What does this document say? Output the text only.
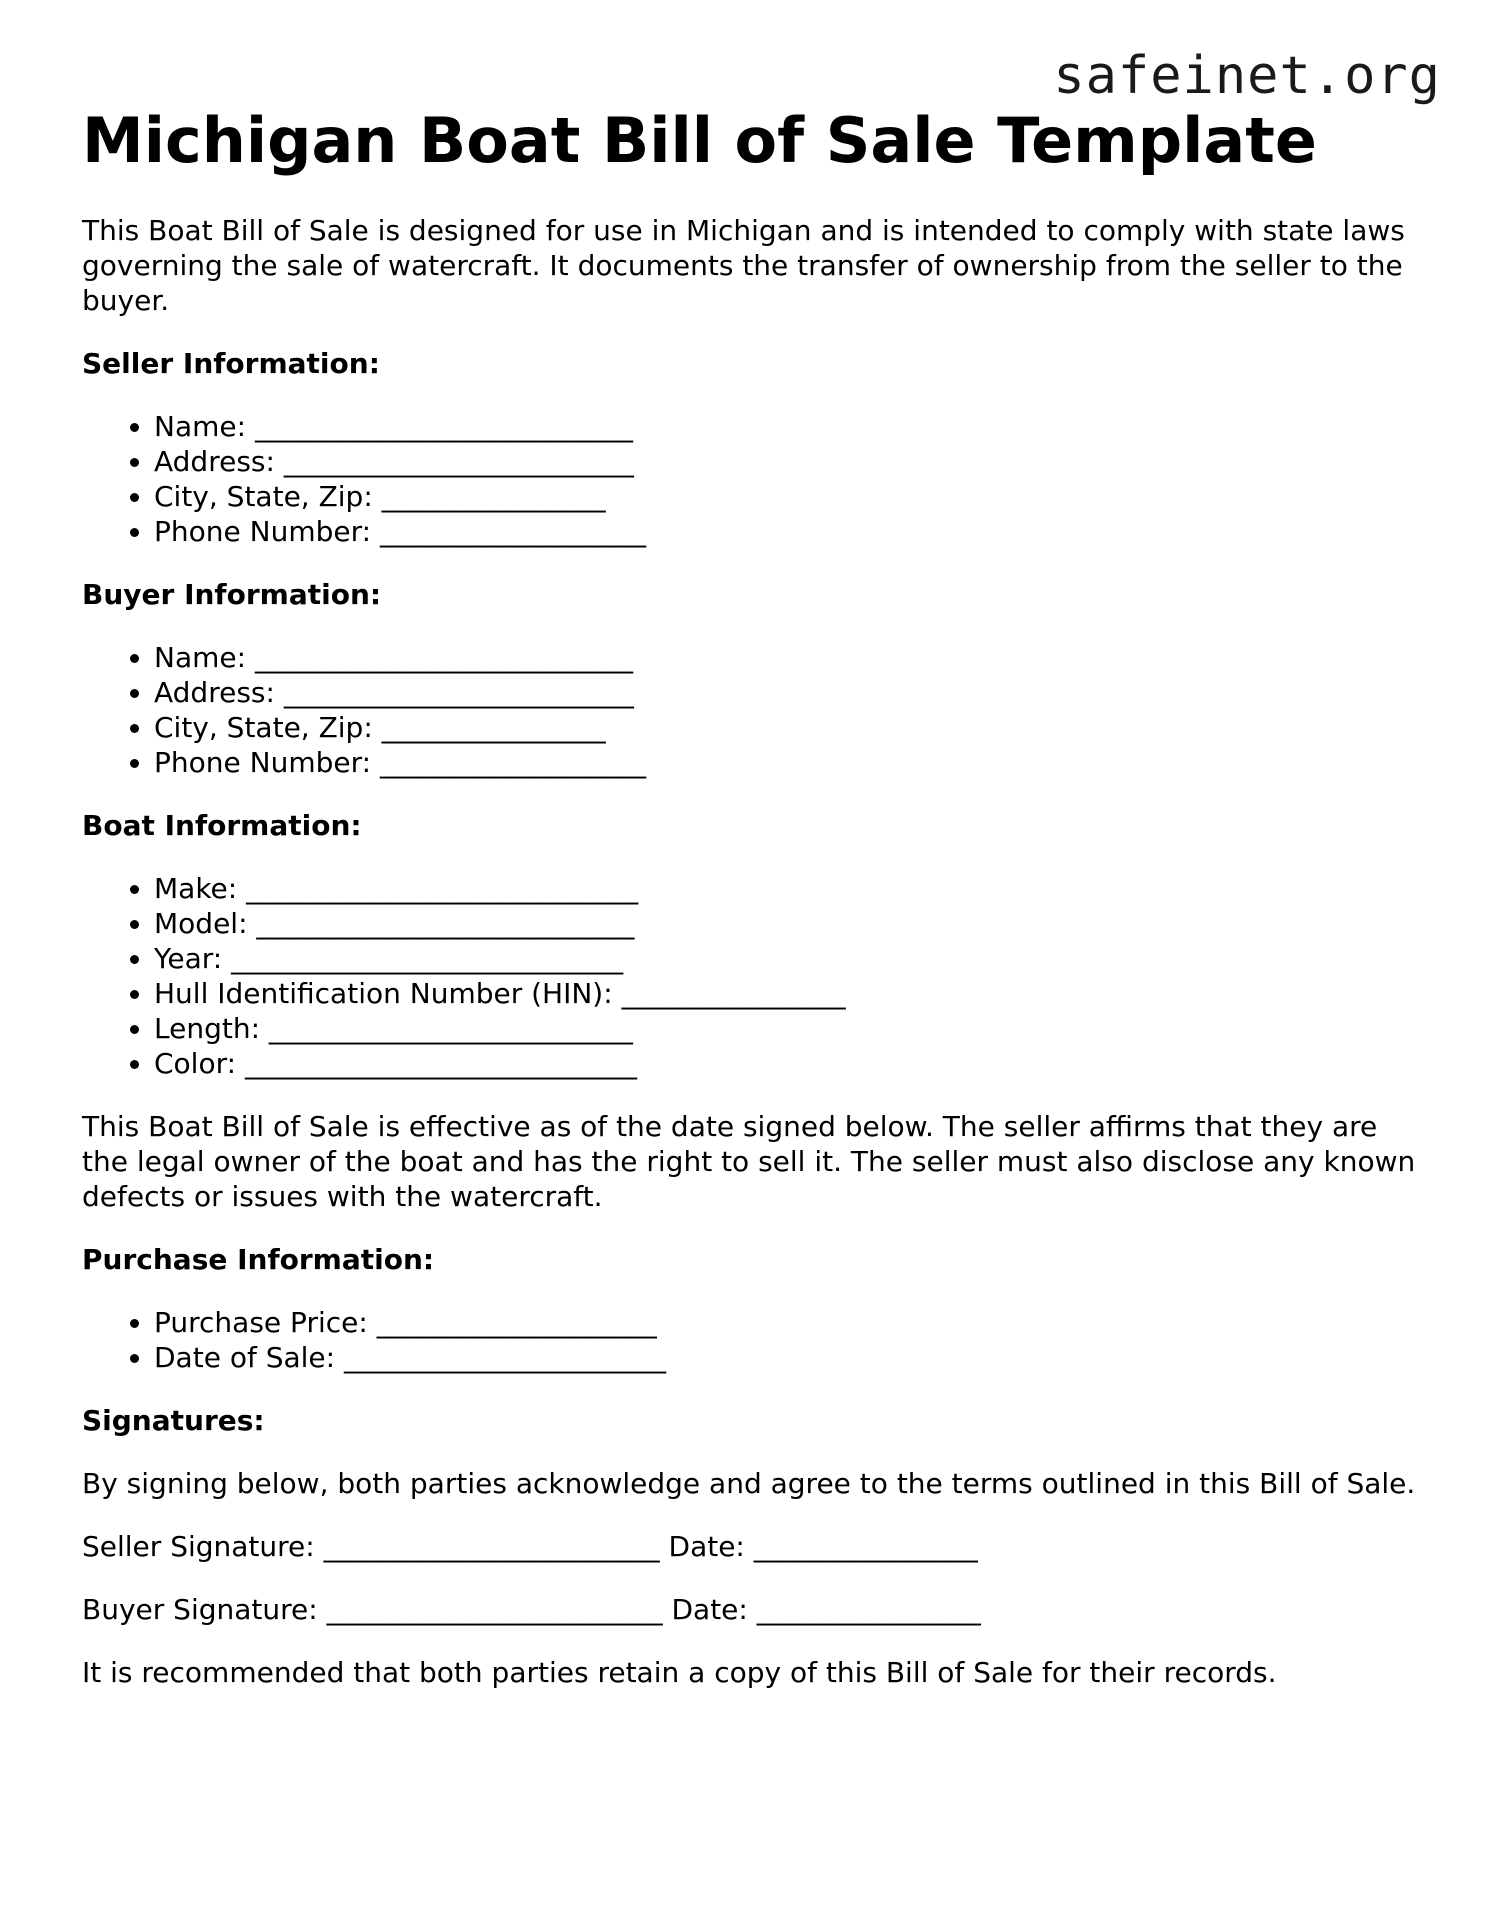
safeinet.org
Michigan Boat Bill of Sale Template

This Boat Bill of Sale is designed for use in Michigan and is intended to comply with state laws governing the sale of watercraft. It documents the transfer of ownership from the seller to the buyer.

Seller Information:
• Name: ___________________________
• Address: _________________________
• City, State, Zip: ________________
• Phone Number: ___________________
Buyer Information:
• Name: ___________________________
• Address: _________________________
• City, State, Zip: ________________
• Phone Number: ___________________
Boat Information:
• Make: ____________________________
• Model: ___________________________
• Year: ____________________________
• Hull Identification Number (HIN): ________________
• Length: __________________________
• Color: ____________________________

This Boat Bill of Sale is effective as of the date signed below. The seller affirms that they are the legal owner of the boat and has the right to sell it. The seller must also disclose any known defects or issues with the watercraft.

Purchase Information:
• Purchase Price: ____________________
• Date of Sale: _______________________
Signatures:

By signing below, both parties acknowledge and agree to the terms outlined in this Bill of Sale.

Seller Signature: ________________________ Date: ________________
Buyer Signature: ________________________ Date: ________________

It is recommended that both parties retain a copy of this Bill of Sale for their records.
